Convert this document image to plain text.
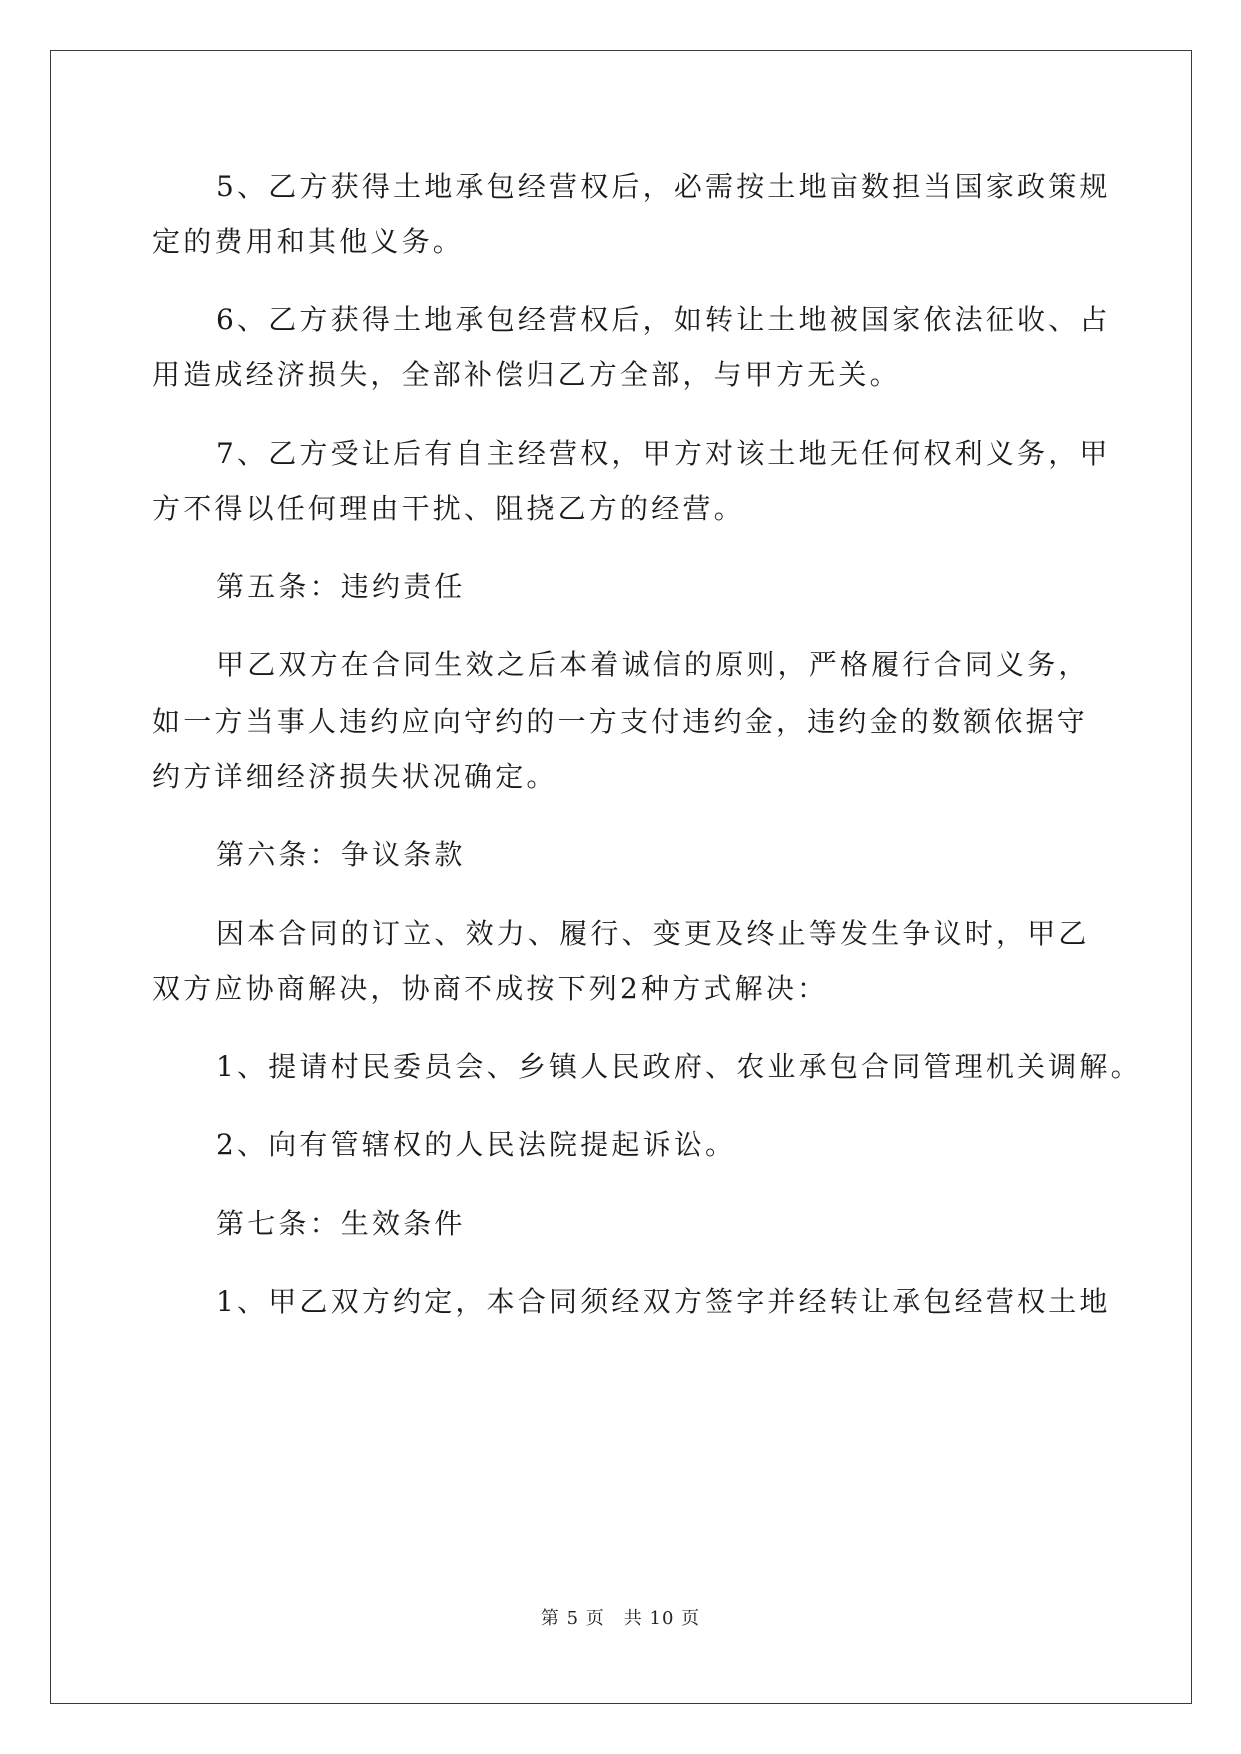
5、乙方获得土地承包经营权后，必需按土地亩数担当国家政策规
定的费用和其他义务。
6、乙方获得土地承包经营权后，如转让土地被国家依法征收、占
用造成经济损失，全部补偿归乙方全部，与甲方无关。
7、乙方受让后有自主经营权，甲方对该土地无任何权利义务，甲
方不得以任何理由干扰、阻挠乙方的经营。
第五条：违约责任
甲乙双方在合同生效之后本着诚信的原则，严格履行合同义务，
如一方当事人违约应向守约的一方支付违约金，违约金的数额依据守
约方详细经济损失状况确定。
第六条：争议条款
因本合同的订立、效力、履行、变更及终止等发生争议时，甲乙
双方应协商解决，协商不成按下列2种方式解决：
1、提请村民委员会、乡镇人民政府、农业承包合同管理机关调解。
2、向有管辖权的人民法院提起诉讼。
第七条：生效条件
1、甲乙双方约定，本合同须经双方签字并经转让承包经营权土地
第 5 页　共 10 页
